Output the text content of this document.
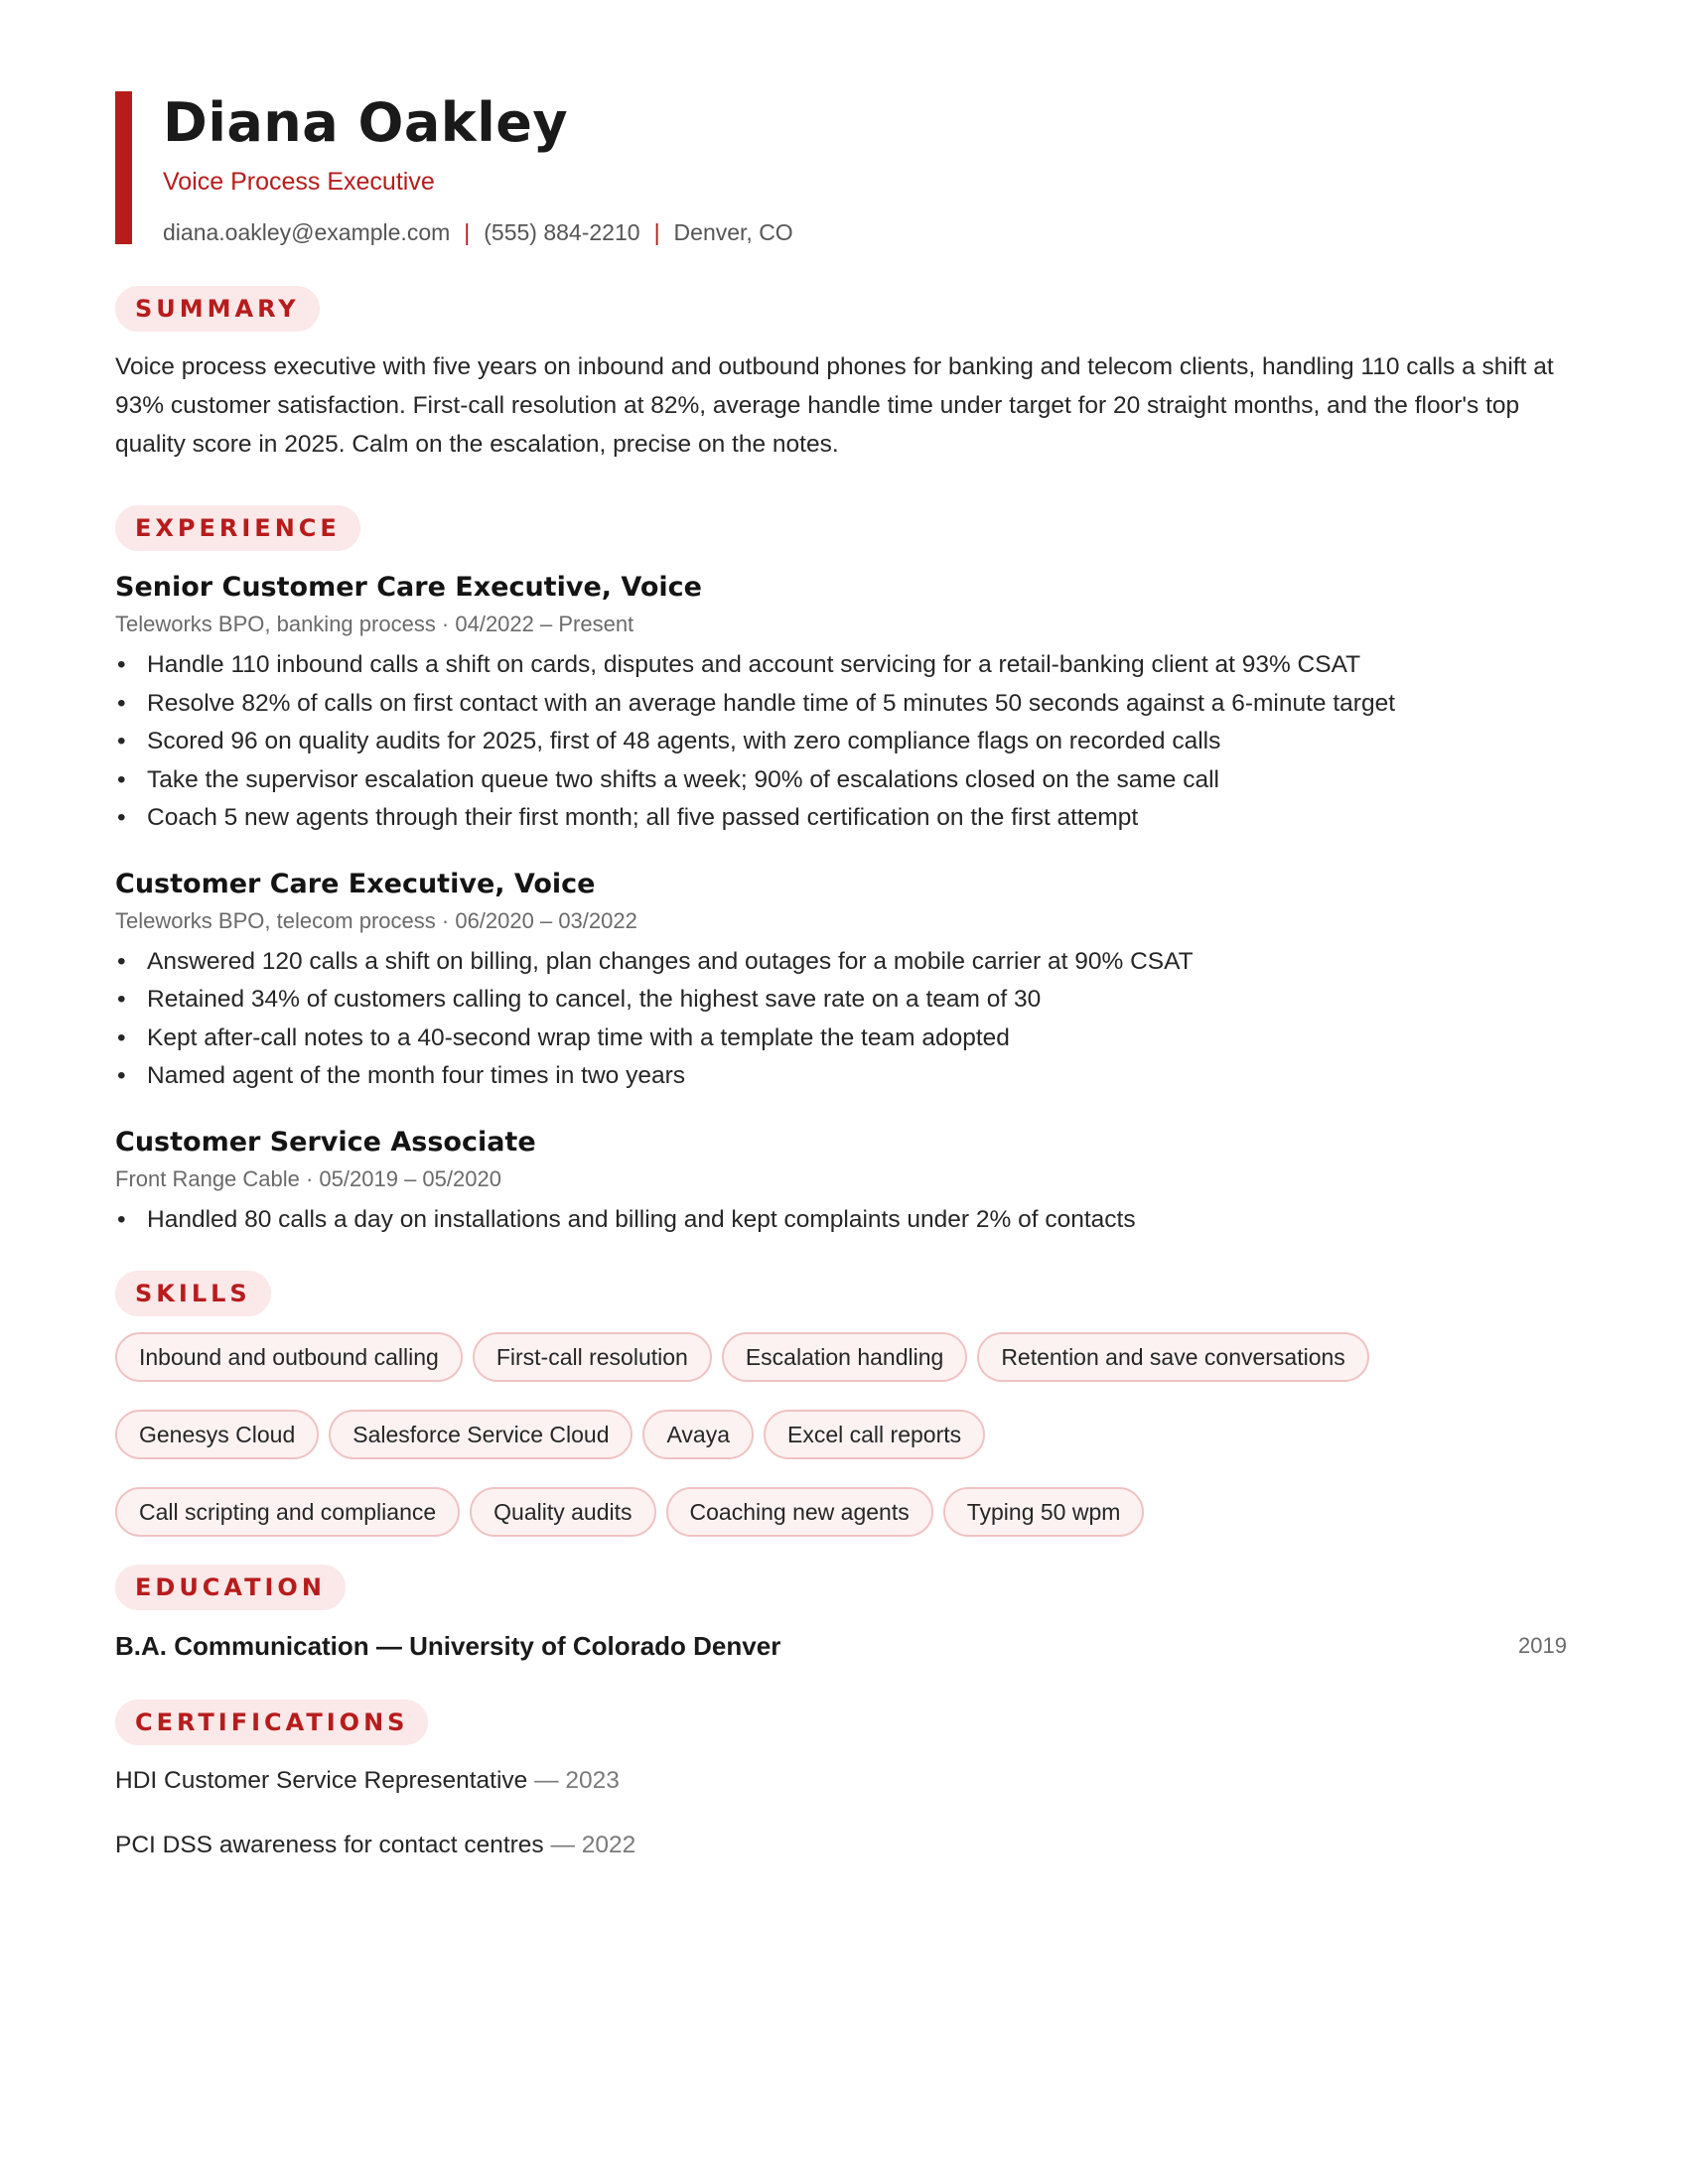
Diana Oakley
Voice Process Executive
diana.oakley@example.com | (555) 884-2210 | Denver, CO
SUMMARY

Voice process executive with five years on inbound and outbound phones for banking and telecom clients, handling 110 calls a shift at 93% customer satisfaction. First-call resolution at 82%, average handle time under target for 20 straight months, and the floor's top quality score in 2025. Calm on the escalation, precise on the notes.

EXPERIENCE
Senior Customer Care Executive, Voice
Teleworks BPO, banking process · 04/2022 – Present
• Handle 110 inbound calls a shift on cards, disputes and account servicing for a retail-banking client at 93% CSAT
• Resolve 82% of calls on first contact with an average handle time of 5 minutes 50 seconds against a 6-minute target
• Scored 96 on quality audits for 2025, first of 48 agents, with zero compliance flags on recorded calls
• Take the supervisor escalation queue two shifts a week; 90% of escalations closed on the same call
• Coach 5 new agents through their first month; all five passed certification on the first attempt
Customer Care Executive, Voice
Teleworks BPO, telecom process · 06/2020 – 03/2022
• Answered 120 calls a shift on billing, plan changes and outages for a mobile carrier at 90% CSAT
• Retained 34% of customers calling to cancel, the highest save rate on a team of 30
• Kept after-call notes to a 40-second wrap time with a template the team adopted
• Named agent of the month four times in two years
Customer Service Associate
Front Range Cable · 05/2019 – 05/2020
• Handled 80 calls a day on installations and billing and kept complaints under 2% of contacts
SKILLS
Inbound and outbound calling	First-call resolution	Escalation handling	Retention and save conversations
Genesys Cloud	Salesforce Service Cloud	Avaya	Excel call reports
Call scripting and compliance	Quality audits	Coaching new agents	Typing 50 wpm
EDUCATION
B.A. Communication — University of Colorado Denver	2019
CERTIFICATIONS
HDI Customer Service Representative — 2023
PCI DSS awareness for contact centres — 2022
